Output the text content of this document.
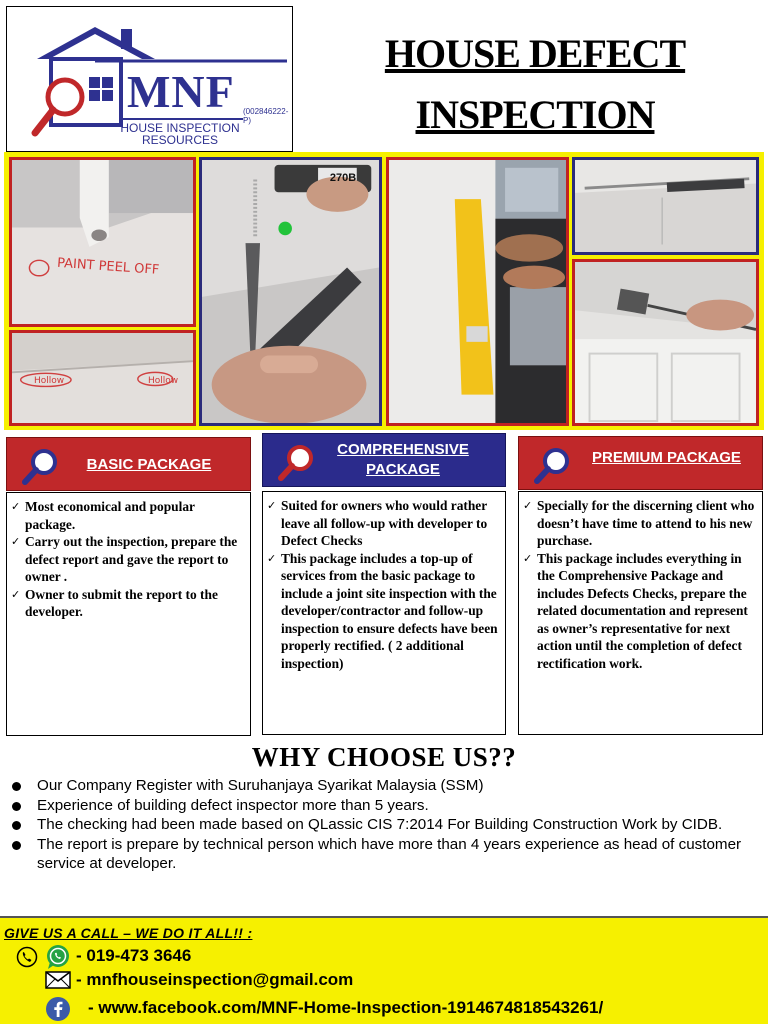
MNF (002846222-P)
HOUSE INSPECTION
RESOURCES
HOUSE DEFECT
INSPECTION
PAINT PEEL OFF
Hollow	Hollow
270B
BASIC PACKAGE
✓ Most economical and popular package.
✓ Carry out the inspection, prepare the defect report and gave the report to owner .
✓ Owner to submit the report to the developer.
COMPREHENSIVE
PACKAGE
✓ Suited for owners who would rather leave all follow-up with developer to Defect Checks
✓ This package includes a top-up of services from the basic package to include a joint site inspection with the developer/contractor and follow-up inspection to ensure defects have been properly rectified. ( 2 additional inspection)
PREMIUM PACKAGE
✓ Specially for the discerning client who doesn’t have time to attend to his new purchase.
✓ This package includes everything in the Comprehensive Package and includes Defects Checks, prepare the related documentation and represent as owner’s representative for next action until the completion of defect rectification work.
WHY CHOOSE US??
Our Company Register with Suruhanjaya Syarikat Malaysia (SSM)
Experience of building defect inspector more than 5 years.
The checking had been made based on QLassic CIS 7:2014 For Building Construction Work by CIDB.
The report is prepare by technical person which have more than 4 years experience as head of customer service at developer.
GIVE US A CALL – WE DO IT ALL!! :
- 019-473 3646
- mnfhouseinspection@gmail.com
- www.facebook.com/MNF-Home-Inspection-1914674818543261/
